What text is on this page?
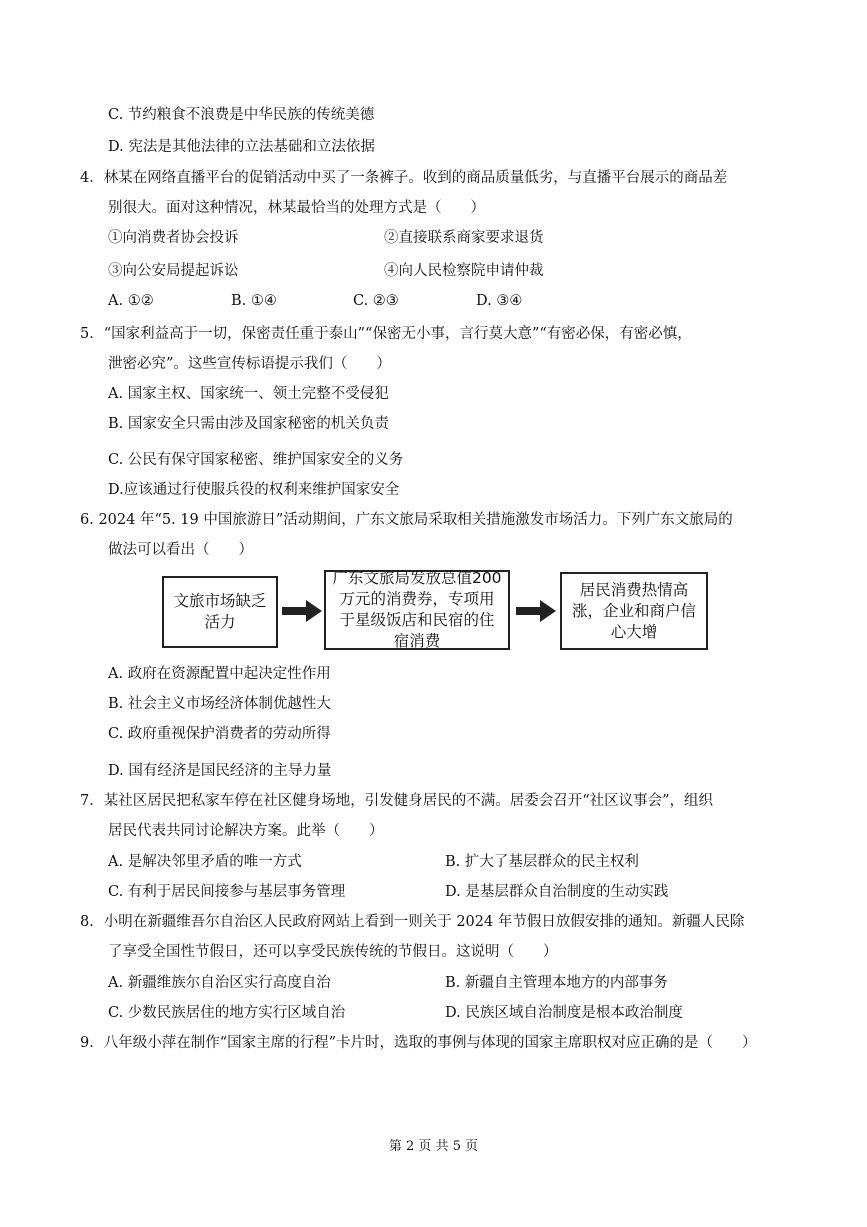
C. 节约粮食不浪费是中华民族的传统美德
D. 宪法是其他法律的立法基础和立法依据
4．林某在网络直播平台的促销活动中买了一条裤子。收到的商品质量低劣，与直播平台展示的商品差
别很大。面对这种情况，林某最恰当的处理方式是（　　）
①向消费者协会投诉	②直接联系商家要求退货
③向公安局提起诉讼	④向人民检察院申请仲裁
A. ①②	B. ①④	C. ②③	D. ③④
5．“国家利益高于一切，保密责任重于泰山”“保密无小事，言行莫大意”“有密必保，有密必慎，
泄密必究”。这些宣传标语提示我们（　　）
A. 国家主权、国家统一、领土完整不受侵犯
B. 国家安全只需由涉及国家秘密的机关负责
C. 公民有保守国家秘密、维护国家安全的义务
D.应该通过行使服兵役的权利来维护国家安全
6. 2024 年“5. 19 中国旅游日”活动期间，广东文旅局采取相关措施激发市场活力。下列广东文旅局的
做法可以看出（　　）
文旅市场缺乏活力
广东文旅局发放总值200万元的消费券，专项用于星级饭店和民宿的住宿消费
居民消费热情高涨，企业和商户信心大增
A. 政府在资源配置中起决定性作用
B. 社会主义市场经济体制优越性大
C. 政府重视保护消费者的劳动所得
D. 国有经济是国民经济的主导力量
7．某社区居民把私家车停在社区健身场地，引发健身居民的不满。居委会召开“社区议事会”，组织
居民代表共同讨论解决方案。此举（　　）
A. 是解决邻里矛盾的唯一方式	B. 扩大了基层群众的民主权利
C. 有利于居民间接参与基层事务管理	D. 是基层群众自治制度的生动实践
8．小明在新疆维吾尔自治区人民政府网站上看到一则关于 2024 年节假日放假安排的通知。新疆人民除
了享受全国性节假日，还可以享受民族传统的节假日。这说明（　　）
A. 新疆维族尔自治区实行高度自治	B. 新疆自主管理本地方的内部事务
C. 少数民族居住的地方实行区域自治	D. 民族区域自治制度是根本政治制度
9．八年级小萍在制作“国家主席的行程”卡片时，选取的事例与体现的国家主席职权对应正确的是（　　）
第 2 页 共 5 页
